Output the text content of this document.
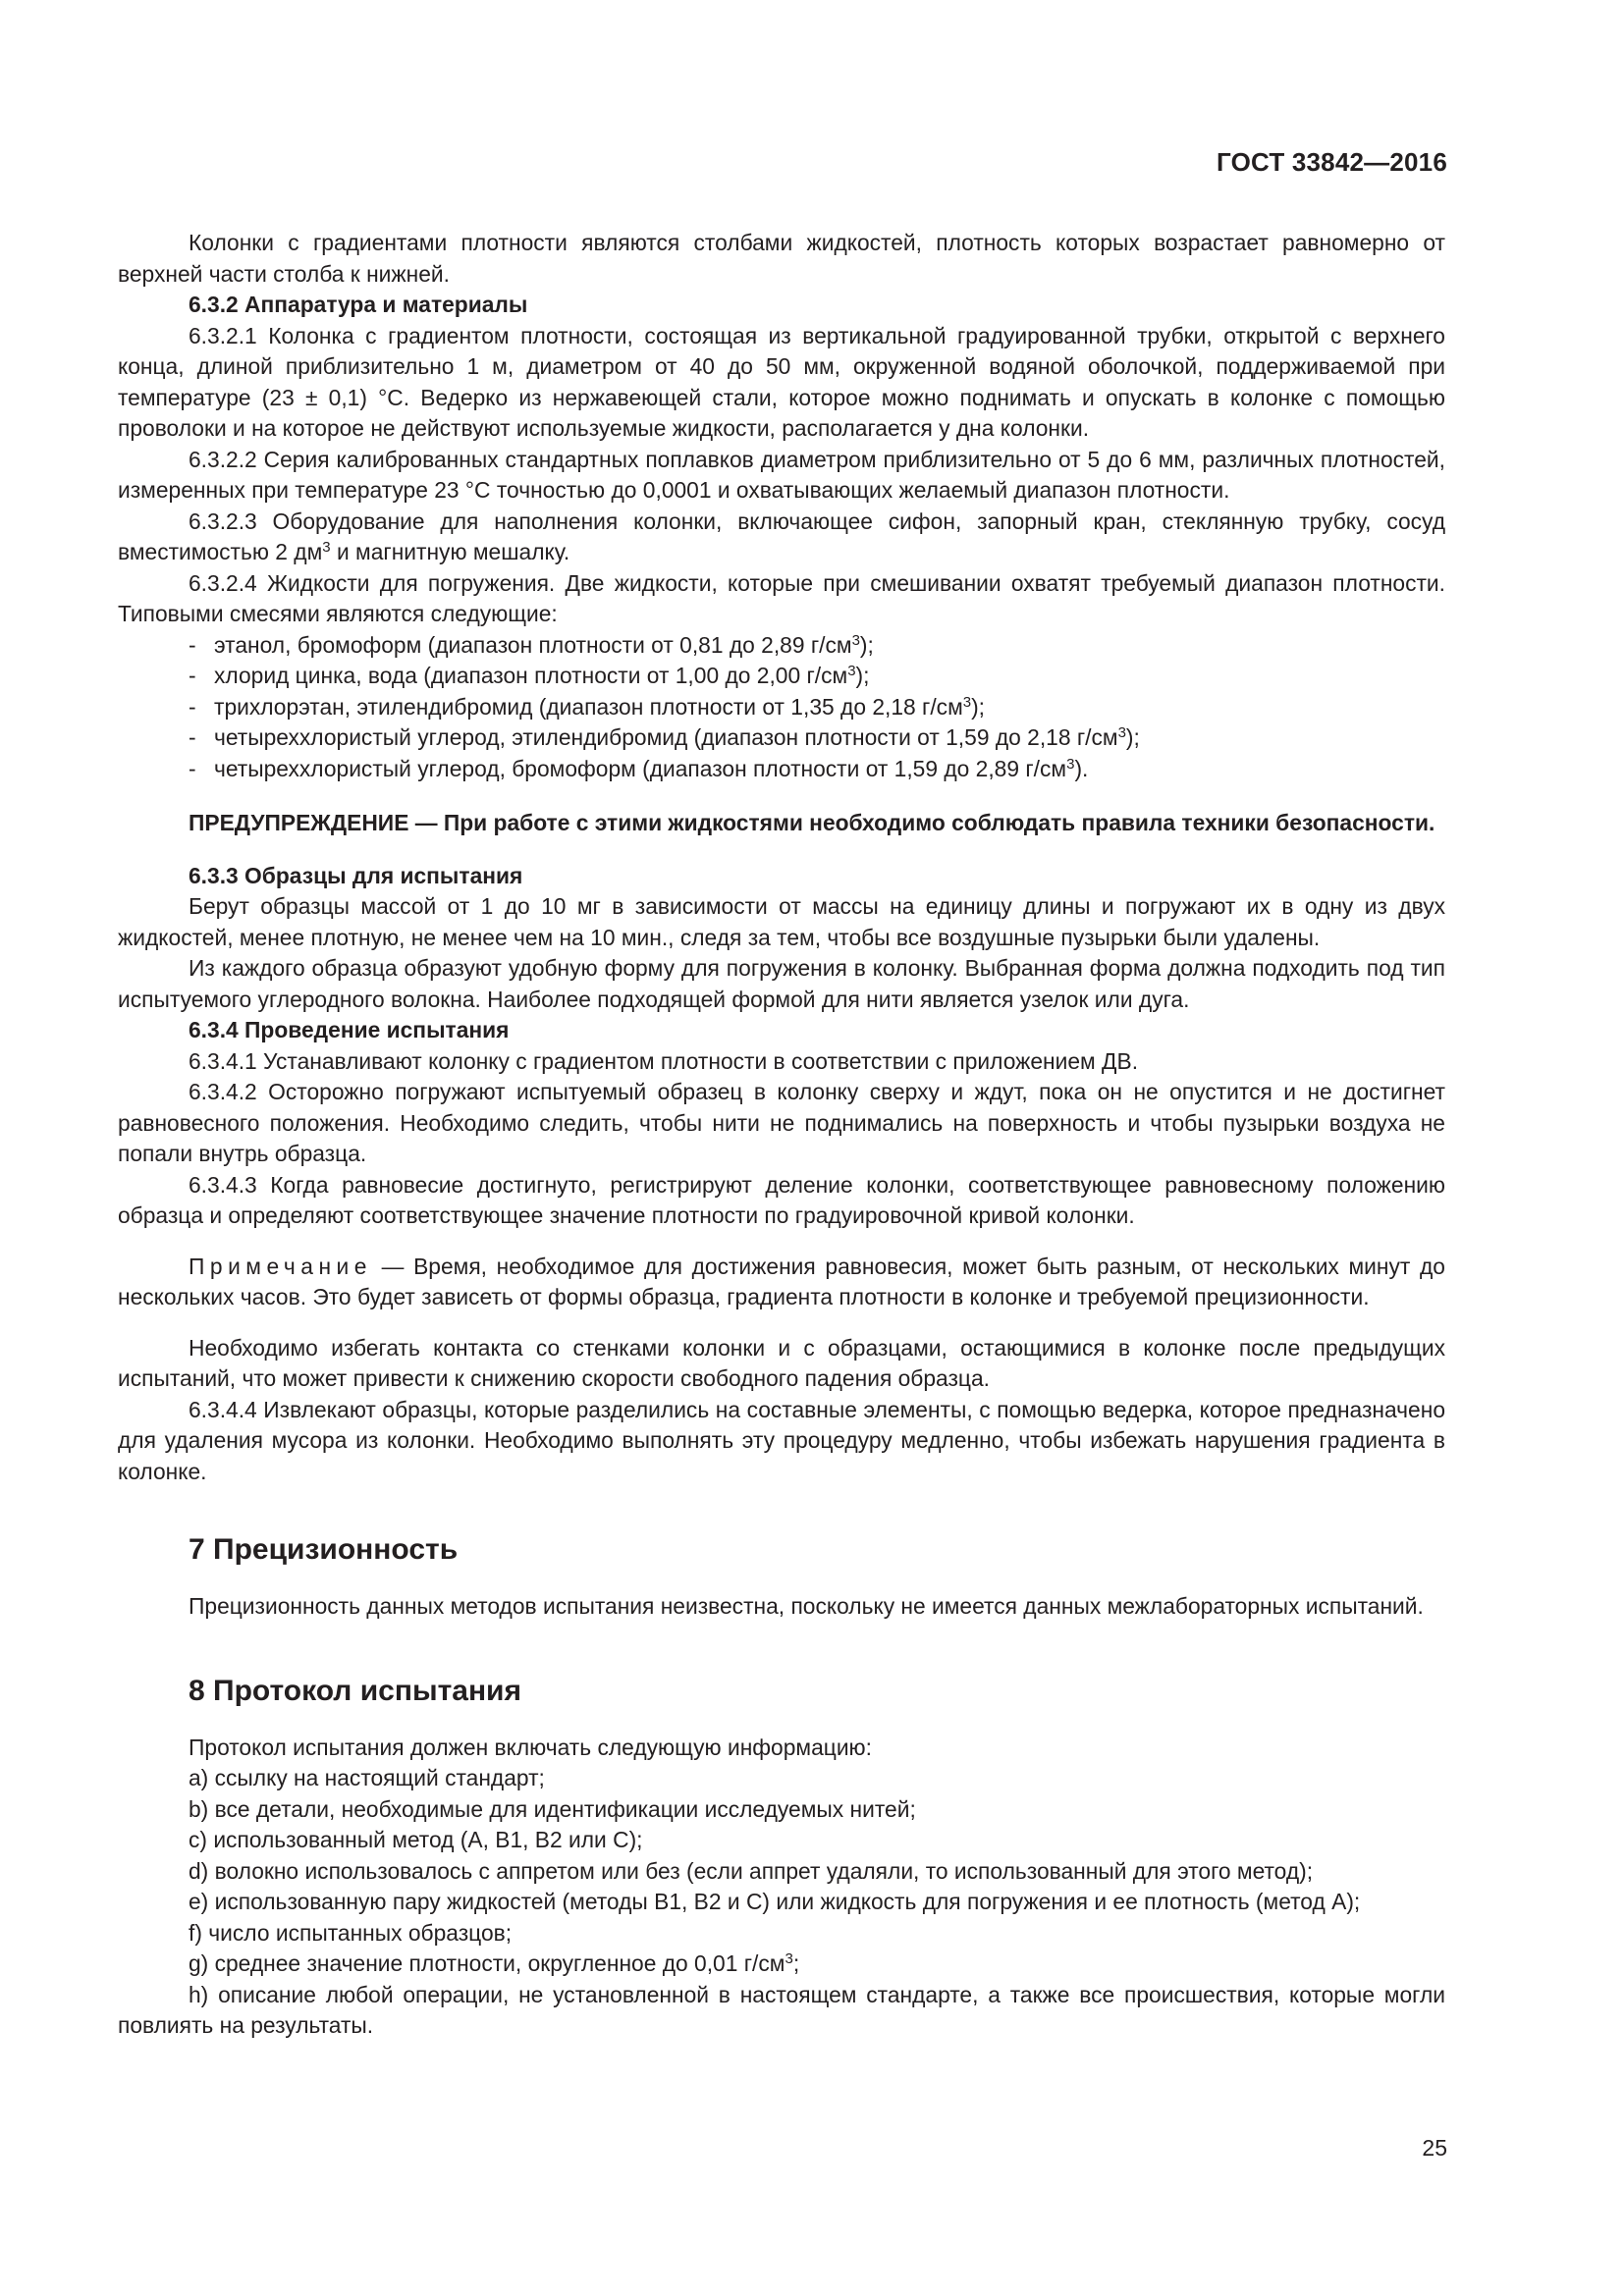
ГОСТ 33842—2016

Колонки с градиентами плотности являются столбами жидкостей, плотность которых возрастает равномерно от верхней части столба к нижней.

6.3.2 Аппаратура и материалы

6.3.2.1 Колонка с градиентом плотности, состоящая из вертикальной градуированной трубки, открытой с верхнего конца, длиной приблизительно 1 м, диаметром от 40 до 50 мм, окруженной водяной оболочкой, поддерживаемой при температуре (23 ± 0,1) °С. Ведерко из нержавеющей стали, которое можно поднимать и опускать в колонке с помощью проволоки и на которое не действуют используемые жидкости, располагается у дна колонки.

6.3.2.2 Серия калиброванных стандартных поплавков диаметром приблизительно от 5 до 6 мм, различных плотностей, измеренных при температуре 23 °С точностью до 0,0001 и охватывающих желаемый диапазон плотности.

6.3.2.3 Оборудование для наполнения колонки, включающее сифон, запорный кран, стеклянную трубку, сосуд вместимостью 2 $дм^3$ и магнитную мешалку.

6.3.2.4 Жидкости для погружения. Две жидкости, которые при смешивании охватят требуемый диапазон плотности. Типовыми смесями являются следующие:

- этанол, бромоформ (диапазон плотности от 0,81 до 2,89 $г/см^3$);
- хлорид цинка, вода (диапазон плотности от 1,00 до 2,00 $г/см^3$);
- трихлорэтан, этилендибромид (диапазон плотности от 1,35 до 2,18 $г/см^3$);
- четыреххлористый углерод, этилендибромид (диапазон плотности от 1,59 до 2,18 $г/см^3$);
- четыреххлористый углерод, бромоформ (диапазон плотности от 1,59 до 2,89 $г/см^3$).

ПРЕДУПРЕЖДЕНИЕ — При работе с этими жидкостями необходимо соблюдать правила техники безопасности.

6.3.3 Образцы для испытания

Берут образцы массой от 1 до 10 мг в зависимости от массы на единицу длины и погружают их в одну из двух жидкостей, менее плотную, не менее чем на 10 мин., следя за тем, чтобы все воздушные пузырьки были удалены.

Из каждого образца образуют удобную форму для погружения в колонку. Выбранная форма должна подходить под тип испытуемого углеродного волокна. Наиболее подходящей формой для нити является узелок или дуга.

6.3.4 Проведение испытания

6.3.4.1 Устанавливают колонку с градиентом плотности в соответствии с приложением ДВ.

6.3.4.2 Осторожно погружают испытуемый образец в колонку сверху и ждут, пока он не опустится и не достигнет равновесного положения. Необходимо следить, чтобы нити не поднимались на поверхность и чтобы пузырьки воздуха не попали внутрь образца.

6.3.4.3 Когда равновесие достигнуто, регистрируют деление колонки, соответствующее равновесному положению образца и определяют соответствующее значение плотности по градуировочной кривой колонки.

Примечание — Время, необходимое для достижения равновесия, может быть разным, от нескольких минут до нескольких часов. Это будет зависеть от формы образца, градиента плотности в колонке и требуемой прецизионности.

Необходимо избегать контакта со стенками колонки и с образцами, остающимися в колонке после предыдущих испытаний, что может привести к снижению скорости свободного падения образца.

6.3.4.4 Извлекают образцы, которые разделились на составные элементы, с помощью ведерка, которое предназначено для удаления мусора из колонки. Необходимо выполнять эту процедуру медленно, чтобы избежать нарушения градиента в колонке.

7 Прецизионность

Прецизионность данных методов испытания неизвестна, поскольку не имеется данных межлабораторных испытаний.

8 Протокол испытания

Протокол испытания должен включать следующую информацию:

a) ссылку на настоящий стандарт;

b) все детали, необходимые для идентификации исследуемых нитей;

c) использованный метод (А, В1, В2 или С);

d) волокно использовалось с аппретом или без (если аппрет удаляли, то использованный для этого метод);

e) использованную пару жидкостей (методы В1, В2 и С) или жидкость для погружения и ее плотность (метод А);

f) число испытанных образцов;

g) среднее значение плотности, округленное до 0,01 $г/см^3$;

h) описание любой операции, не установленной в настоящем стандарте, а также все происшествия, которые могли повлиять на результаты.

25
